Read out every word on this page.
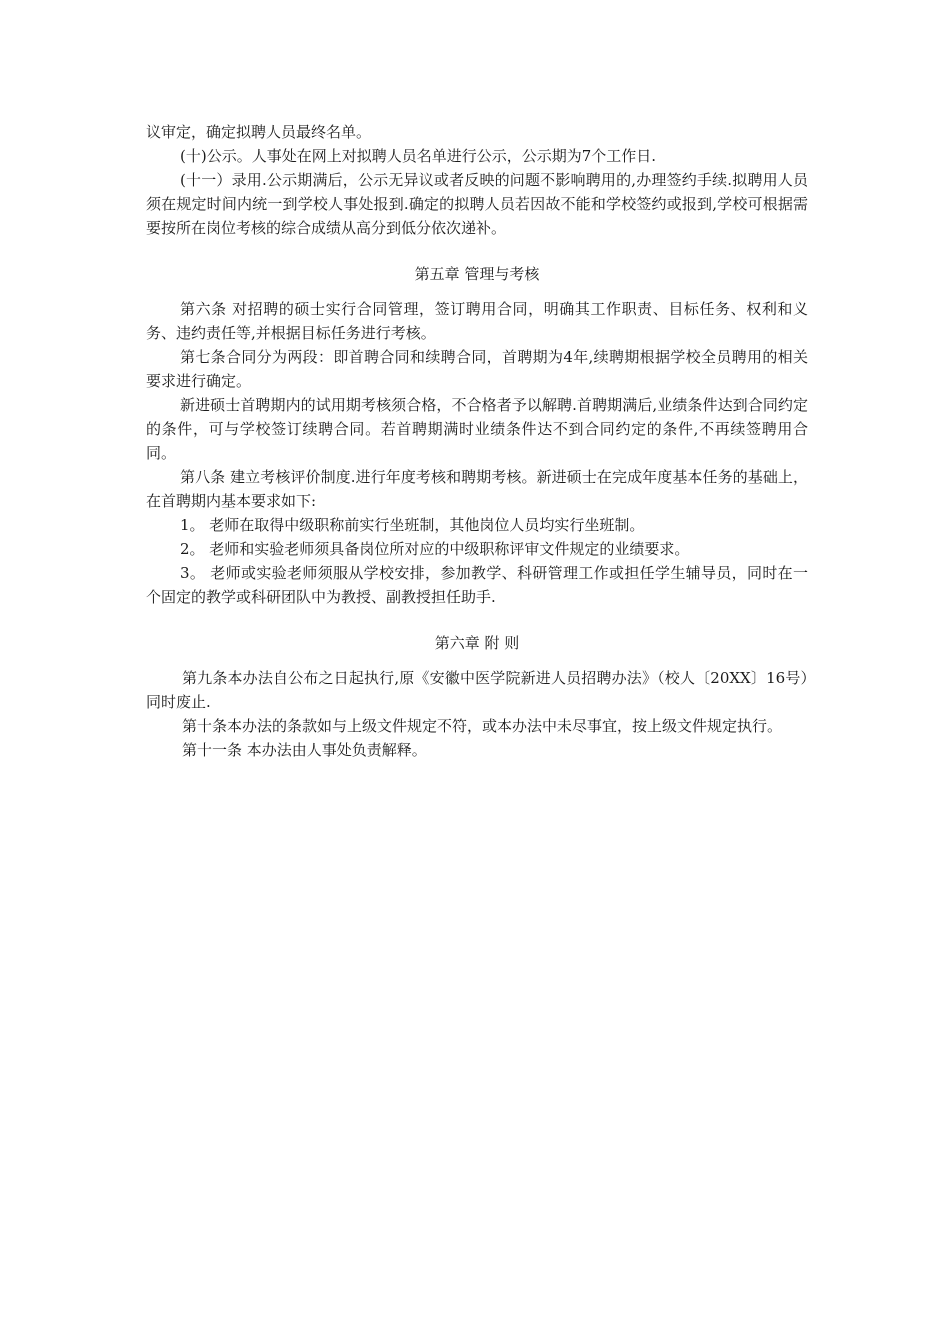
议审定，确定拟聘人员最终名单。

(十)公示。人事处在网上对拟聘人员名单进行公示，公示期为7个工作日.

(十一）录用.公示期满后，公示无异议或者反映的问题不影响聘用的,办理签约手续.拟聘用人员须在规定时间内统一到学校人事处报到.确定的拟聘人员若因故不能和学校签约或报到,学校可根据需要按所在岗位考核的综合成绩从高分到低分依次递补。

第五章 管理与考核

第六条 对招聘的硕士实行合同管理，签订聘用合同，明确其工作职责、目标任务、权利和义务、违约责任等,并根据目标任务进行考核。

第七条合同分为两段：即首聘合同和续聘合同，首聘期为4年,续聘期根据学校全员聘用的相关要求进行确定。

新进硕士首聘期内的试用期考核须合格，不合格者予以解聘.首聘期满后,业绩条件达到合同约定的条件，可与学校签订续聘合同。若首聘期满时业绩条件达不到合同约定的条件,不再续签聘用合同。

第八条 建立考核评价制度.进行年度考核和聘期考核。新进硕士在完成年度基本任务的基础上，在首聘期内基本要求如下:

1。 老师在取得中级职称前实行坐班制，其他岗位人员均实行坐班制。

2。 老师和实验老师须具备岗位所对应的中级职称评审文件规定的业绩要求。

3。 老师或实验老师须服从学校安排，参加教学、科研管理工作或担任学生辅导员，同时在一个固定的教学或科研团队中为教授、副教授担任助手.

第六章 附 则

第九条本办法自公布之日起执行,原《安徽中医学院新进人员招聘办法》（校人〔20XX〕16号）同时废止.

第十条本办法的条款如与上级文件规定不符，或本办法中未尽事宜，按上级文件规定执行。

第十一条 本办法由人事处负责解释。
